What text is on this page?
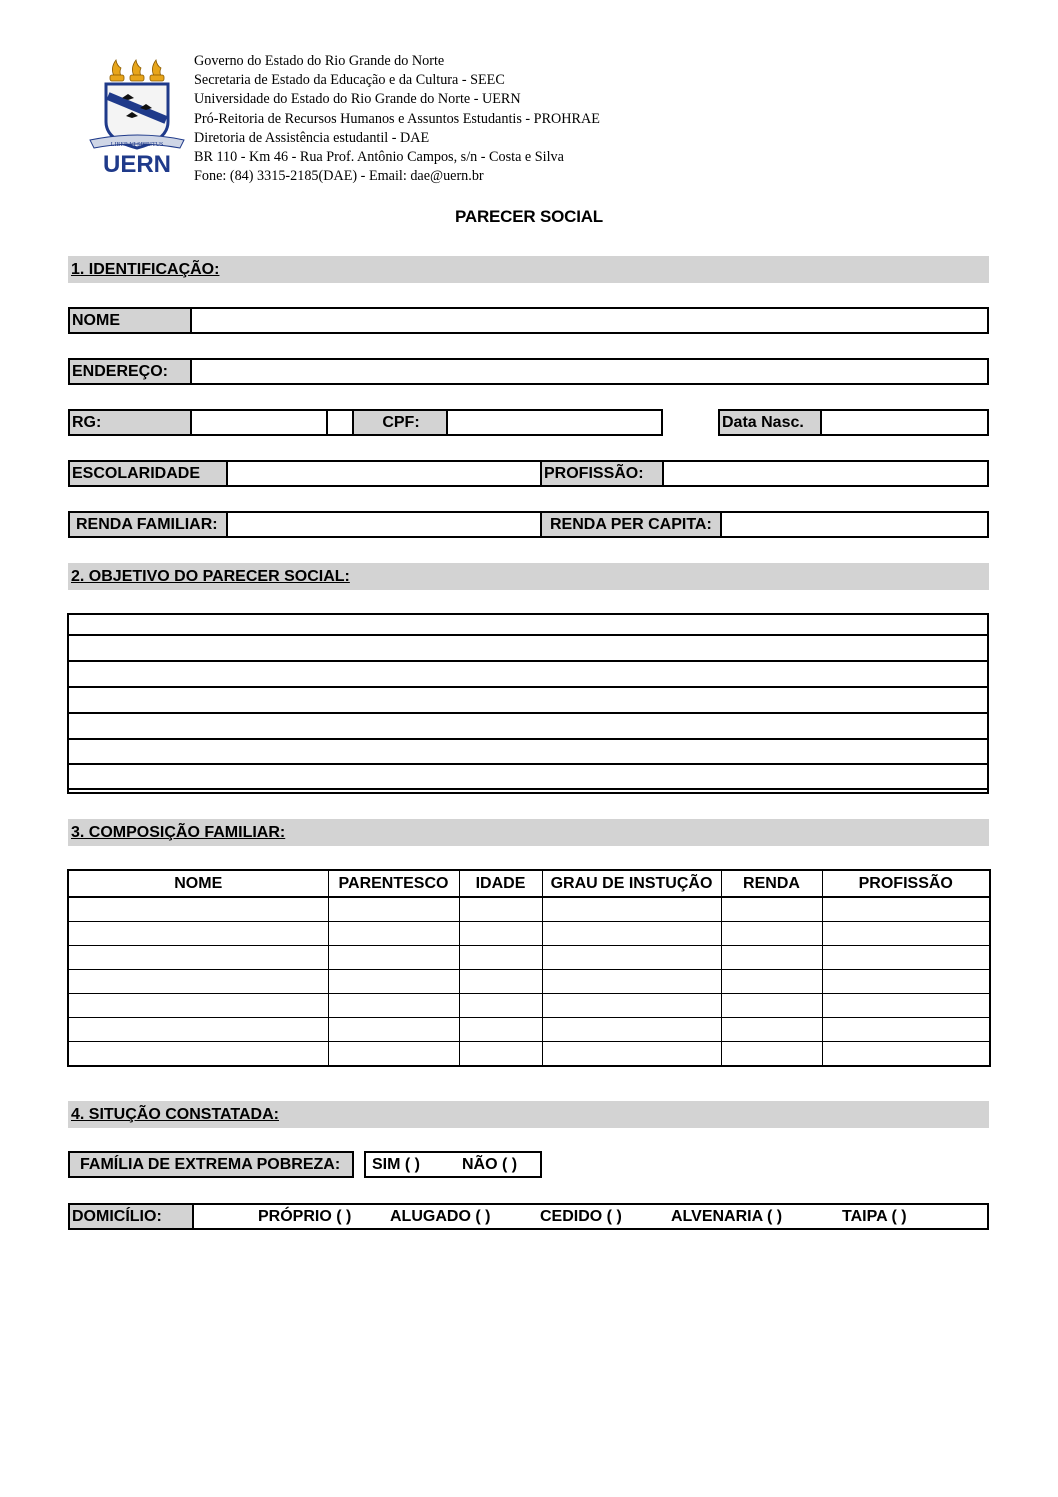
LIBER VI SPIRITUS
UERN
Governo do Estado do Rio Grande do Norte
Secretaria de Estado da Educação e da Cultura - SEEC
Universidade do Estado do Rio Grande do Norte - UERN
Pró-Reitoria de Recursos Humanos e Assuntos Estudantis - PROHRAE
Diretoria de Assistência estudantil - DAE
BR 110 - Km 46 - Rua Prof. Antônio Campos, s/n - Costa e Silva
Fone: (84) 3315-2185(DAE) - Email: dae@uern.br
PARECER SOCIAL
1. IDENTIFICAÇÃO:
NOME
ENDEREÇO:
RG:	CPF:	Data Nasc.
ESCOLARIDADE	PROFISSÃO:
RENDA FAMILIAR:	RENDA PER CAPITA:
2. OBJETIVO DO PARECER SOCIAL:
3. COMPOSIÇÃO FAMILIAR:
NOME	PARENTESCO	IDADE	GRAU DE INSTUÇÃO	RENDA	PROFISSÃO

4. SITUÇÃO CONSTATADA:
FAMÍLIA DE EXTREMA POBREZA:	SIM ( )	NÃO ( )
DOMICÍLIO:	PRÓPRIO ( ) ALUGADO ( )	CEDIDO ( )	ALVENARIA ( )	TAIPA ( )
